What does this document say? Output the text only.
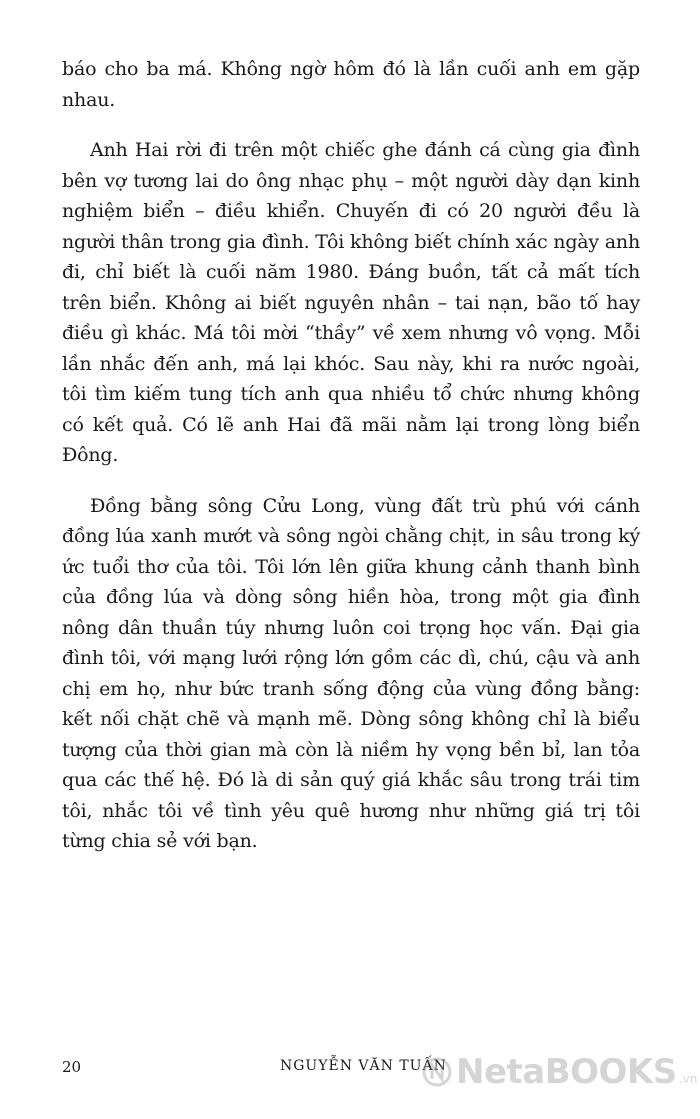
báo cho ba má. Không ngờ hôm đó là lần cuối anh em gặp nhau.

Anh Hai rời đi trên một chiếc ghe đánh cá cùng gia đình bên vợ tương lai do ông nhạc phụ – một người dày dạn kinh nghiệm biển – điều khiển. Chuyến đi có 20 người đều là người thân trong gia đình. Tôi không biết chính xác ngày anh đi, chỉ biết là cuối năm 1980. Đáng buồn, tất cả mất tích trên biển. Không ai biết nguyên nhân – tai nạn, bão tố hay điều gì khác. Má tôi mời “thầy” về xem nhưng vô vọng. Mỗi lần nhắc đến anh, má lại khóc. Sau này, khi ra nước ngoài, tôi tìm kiếm tung tích anh qua nhiều tổ chức nhưng không có kết quả. Có lẽ anh Hai đã mãi nằm lại trong lòng biển Đông.

Đồng bằng sông Cửu Long, vùng đất trù phú với cánh đồng lúa xanh mướt và sông ngòi chằng chịt, in sâu trong ký ức tuổi thơ của tôi. Tôi lớn lên giữa khung cảnh thanh bình của đồng lúa và dòng sông hiền hòa, trong một gia đình nông dân thuần túy nhưng luôn coi trọng học vấn. Đại gia đình tôi, với mạng lưới rộng lớn gồm các dì, chú, cậu và anh chị em họ, như bức tranh sống động của vùng đồng bằng: kết nối chặt chẽ và mạnh mẽ. Dòng sông không chỉ là biểu tượng của thời gian mà còn là niềm hy vọng bền bỉ, lan tỏa qua các thế hệ. Đó là di sản quý giá khắc sâu trong trái tim tôi, nhắc tôi về tình yêu quê hương như những giá trị tôi từng chia sẻ với bạn.

20	NGUYỄN VĂN TUẤN NetaBOOKS .vn
